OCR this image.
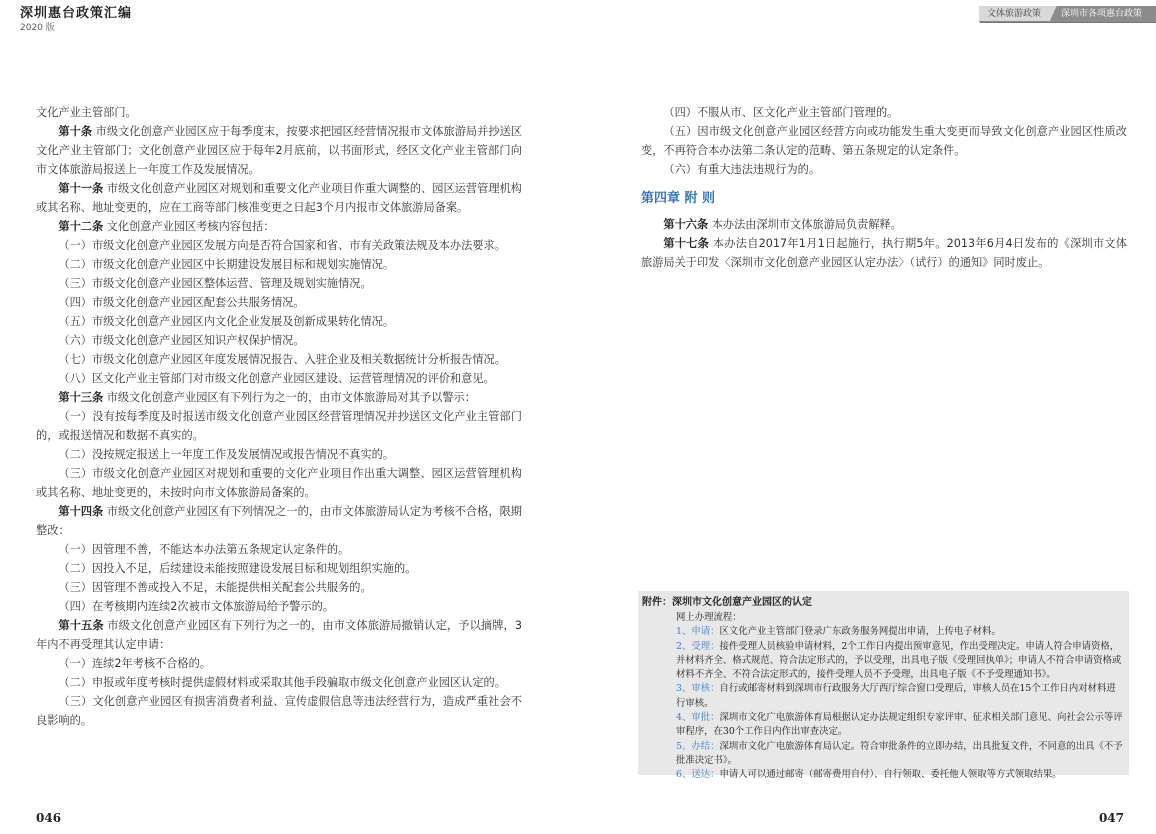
深圳惠台政策汇编
2020 版
文体旅游政策	深圳市各项惠台政策

文化产业主管部门。

第十条 市级文化创意产业园区应于每季度末，按要求把园区经营情况报市文体旅游局并抄送区文化产业主管部门；文化创意产业园区应于每年2月底前，以书面形式，经区文化产业主管部门向市文体旅游局报送上一年度工作及发展情况。

第十一条 市级文化创意产业园区对规划和重要文化产业项目作重大调整的、园区运营管理机构或其名称、地址变更的，应在工商等部门核准变更之日起3个月内报市文体旅游局备案。

第十二条 文化创意产业园区考核内容包括：

（一）市级文化创意产业园区发展方向是否符合国家和省、市有关政策法规及本办法要求。

（二）市级文化创意产业园区中长期建设发展目标和规划实施情况。

（三）市级文化创意产业园区整体运营、管理及规划实施情况。

（四）市级文化创意产业园区配套公共服务情况。

（五）市级文化创意产业园区内文化企业发展及创新成果转化情况。

（六）市级文化创意产业园区知识产权保护情况。

（七）市级文化创意产业园区年度发展情况报告、入驻企业及相关数据统计分析报告情况。

（八）区文化产业主管部门对市级文化创意产业园区建设、运营管理情况的评价和意见。

第十三条 市级文化创意产业园区有下列行为之一的，由市文体旅游局对其予以警示：

（一）没有按每季度及时报送市级文化创意产业园区经营管理情况并抄送区文化产业主管部门的，或报送情况和数据不真实的。

（二）没按规定报送上一年度工作及发展情况或报告情况不真实的。

（三）市级文化创意产业园区对规划和重要的文化产业项目作出重大调整、园区运营管理机构或其名称、地址变更的，未按时向市文体旅游局备案的。

第十四条 市级文化创意产业园区有下列情况之一的，由市文体旅游局认定为考核不合格，限期整改：

（一）因管理不善，不能达本办法第五条规定认定条件的。

（二）因投入不足，后续建设未能按照建设发展目标和规划组织实施的。

（三）因管理不善或投入不足，未能提供相关配套公共服务的。

（四）在考核期内连续2次被市文体旅游局给予警示的。

第十五条 市级文化创意产业园区有下列行为之一的，由市文体旅游局撤销认定，予以摘牌，3年内不再受理其认定申请：

（一）连续2年考核不合格的。

（二）申报或年度考核时提供虚假材料或采取其他手段骗取市级文化创意产业园区认定的。

（三）文化创意产业园区有损害消费者利益、宣传虚假信息等违法经营行为，造成严重社会不良影响的。

（四）不服从市、区文化产业主管部门管理的。

（五）因市级文化创意产业园区经营方向或功能发生重大变更而导致文化创意产业园区性质改变，不再符合本办法第二条认定的范畴、第五条规定的认定条件。

（六）有重大违法违规行为的。

第四章 附 则

第十六条 本办法由深圳市文体旅游局负责解释。

第十七条 本办法自2017年1月1日起施行，执行期5年。2013年6月4日发布的《深圳市文体旅游局关于印发〈深圳市文化创意产业园区认定办法〉（试行）的通知》同时废止。

附件：深圳市文化创意产业园区的认定
网上办理流程：
1、申请：区文化产业主管部门登录广东政务服务网提出申请，上传电子材料。
2、受理：接件受理人员核验申请材料，2个工作日内提出预审意见，作出受理决定。申请人符合申请资格，并材料齐全、格式规范、符合法定形式的，予以受理，出具电子版《受理回执单》；申请人不符合申请资格或材料不齐全、不符合法定形式的，接件受理人员不予受理，出具电子版《不予受理通知书》。
3、审核：自行或邮寄材料到深圳市行政服务大厅西厅综合窗口受理后，审核人员在15个工作日内对材料进行审核。
4、审批：深圳市文化广电旅游体育局根据认定办法规定组织专家评审、征求相关部门意见、向社会公示等评审程序，在30个工作日内作出审查决定。
5、办结：深圳市文化广电旅游体育局认定。符合审批条件的立即办结，出具批复文件，不同意的出具《不予批准决定书》。
6、送达：申请人可以通过邮寄（邮寄费用自付）、自行领取、委托他人领取等方式领取结果。
046	047
